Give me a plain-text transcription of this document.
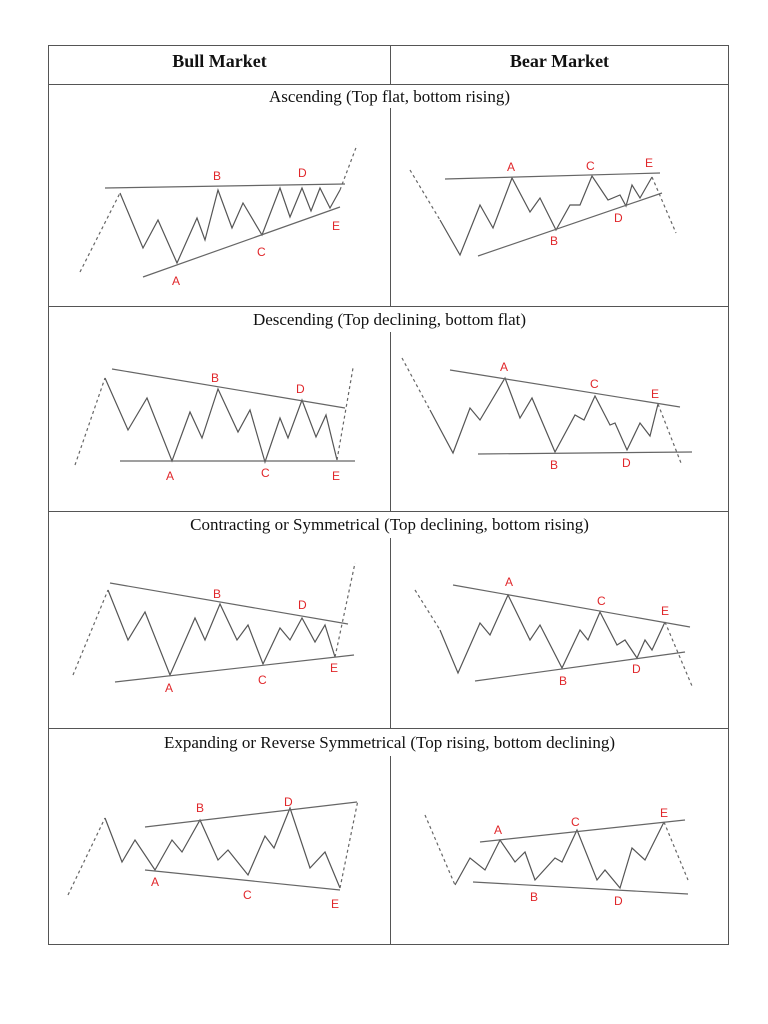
Bull Market	Bear Market
Ascending (Top flat, bottom rising)
Descending (Top declining, bottom flat)
Contracting or Symmetrical (Top declining, bottom rising)
Expanding or Reverse Symmetrical (Top rising, bottom declining)
A
B
C
D
E
A
B
C
D
E
A
B
C
D
E
A
B
C
D
E
A
B
C
D
E
A
B
C
D
E
A
B
C
D
E
A
B
C
D
E
